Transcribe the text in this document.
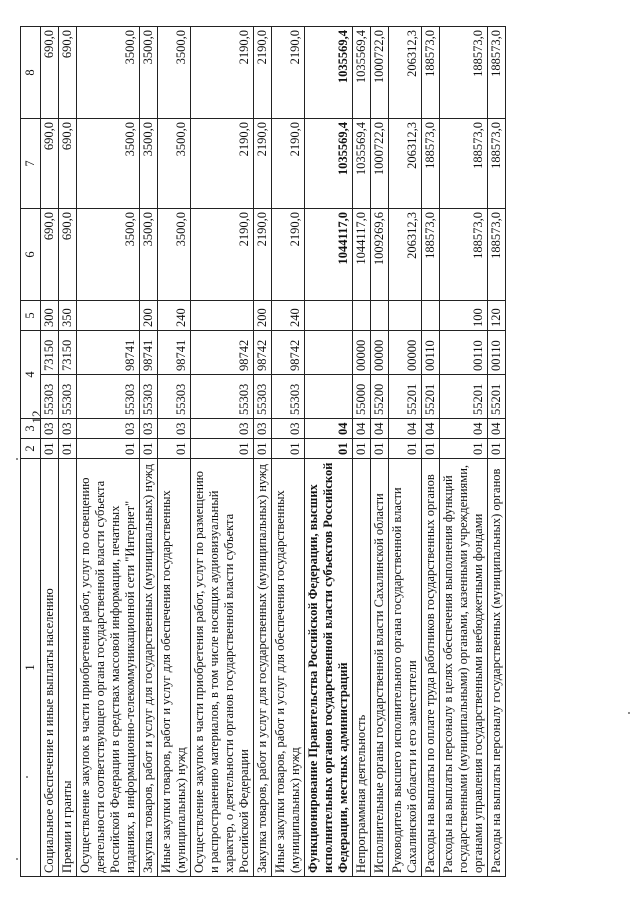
12
1	2	3	4		5	6	7	8
Социальное обеспечение и иные выплаты населению	01	03	55303	73150	300	690,0	690,0	690,0
Премии и гранты	01	03	55303	73150	350	690,0	690,0	690,0
Осуществление закупок в части приобретения работ, услуг по освещению деятельности соответствующего органа государственной власти субъекта Российской Федерации в средствах массовой информации, печатных изданиях, в информационно-телекоммуникационной сети "Интернет"	01	03	55303	98741		3500,0	3500,0	3500,0
Закупка товаров, работ и услуг для государственных (муниципальных) нужд	01	03	55303	98741	200	3500,0	3500,0	3500,0
Иные закупки товаров, работ и услуг для обеспечения государственных (муниципальных) нужд	01	03	55303	98741	240	3500,0	3500,0	3500,0
Осуществление закупок в части приобретения работ, услуг по размещению и распространению материалов, в том числе носящих аудиовизуальный характер, о деятельности органов государственной власти субъекта Российской Федерации	01	03	55303	98742		2190,0	2190,0	2190,0
Закупка товаров, работ и услуг для государственных (муниципальных) нужд	01	03	55303	98742	200	2190,0	2190,0	2190,0
Иные закупки товаров, работ и услуг для обеспечения государственных (муниципальных) нужд	01	03	55303	98742	240	2190,0	2190,0	2190,0
Функционирование Правительства Российской Федерации, высших исполнительных органов государственной власти субъектов Российской Федерации, местных администраций	01	04				1044117,0	1035569,4	1035569,4
Непрограммная деятельность	01	04	55000	00000		1044117,0	1035569,4	1035569,4
Исполнительные органы государственной власти Сахалинской области	01	04	55200	00000		1009269,6	1000722,0	1000722,0
Руководитель высшего исполнительного органа государственной власти Сахалинской области и его заместители	01	04	55201	00000		206312,3	206312,3	206312,3
Расходы на выплаты по оплате труда работников государственных органов	01	04	55201	00110		188573,0	188573,0	188573,0
Расходы на выплаты персоналу в целях обеспечения выполнения функций государственными (муниципальными) органами, казенными учреждениями, органами управления государственными внебюджетными фондами	01	04	55201	00110	100	188573,0	188573,0	188573,0
Расходы на выплаты персоналу государственных (муниципальных) органов	01	04	55201	00110	120	188573,0	188573,0	188573,0
